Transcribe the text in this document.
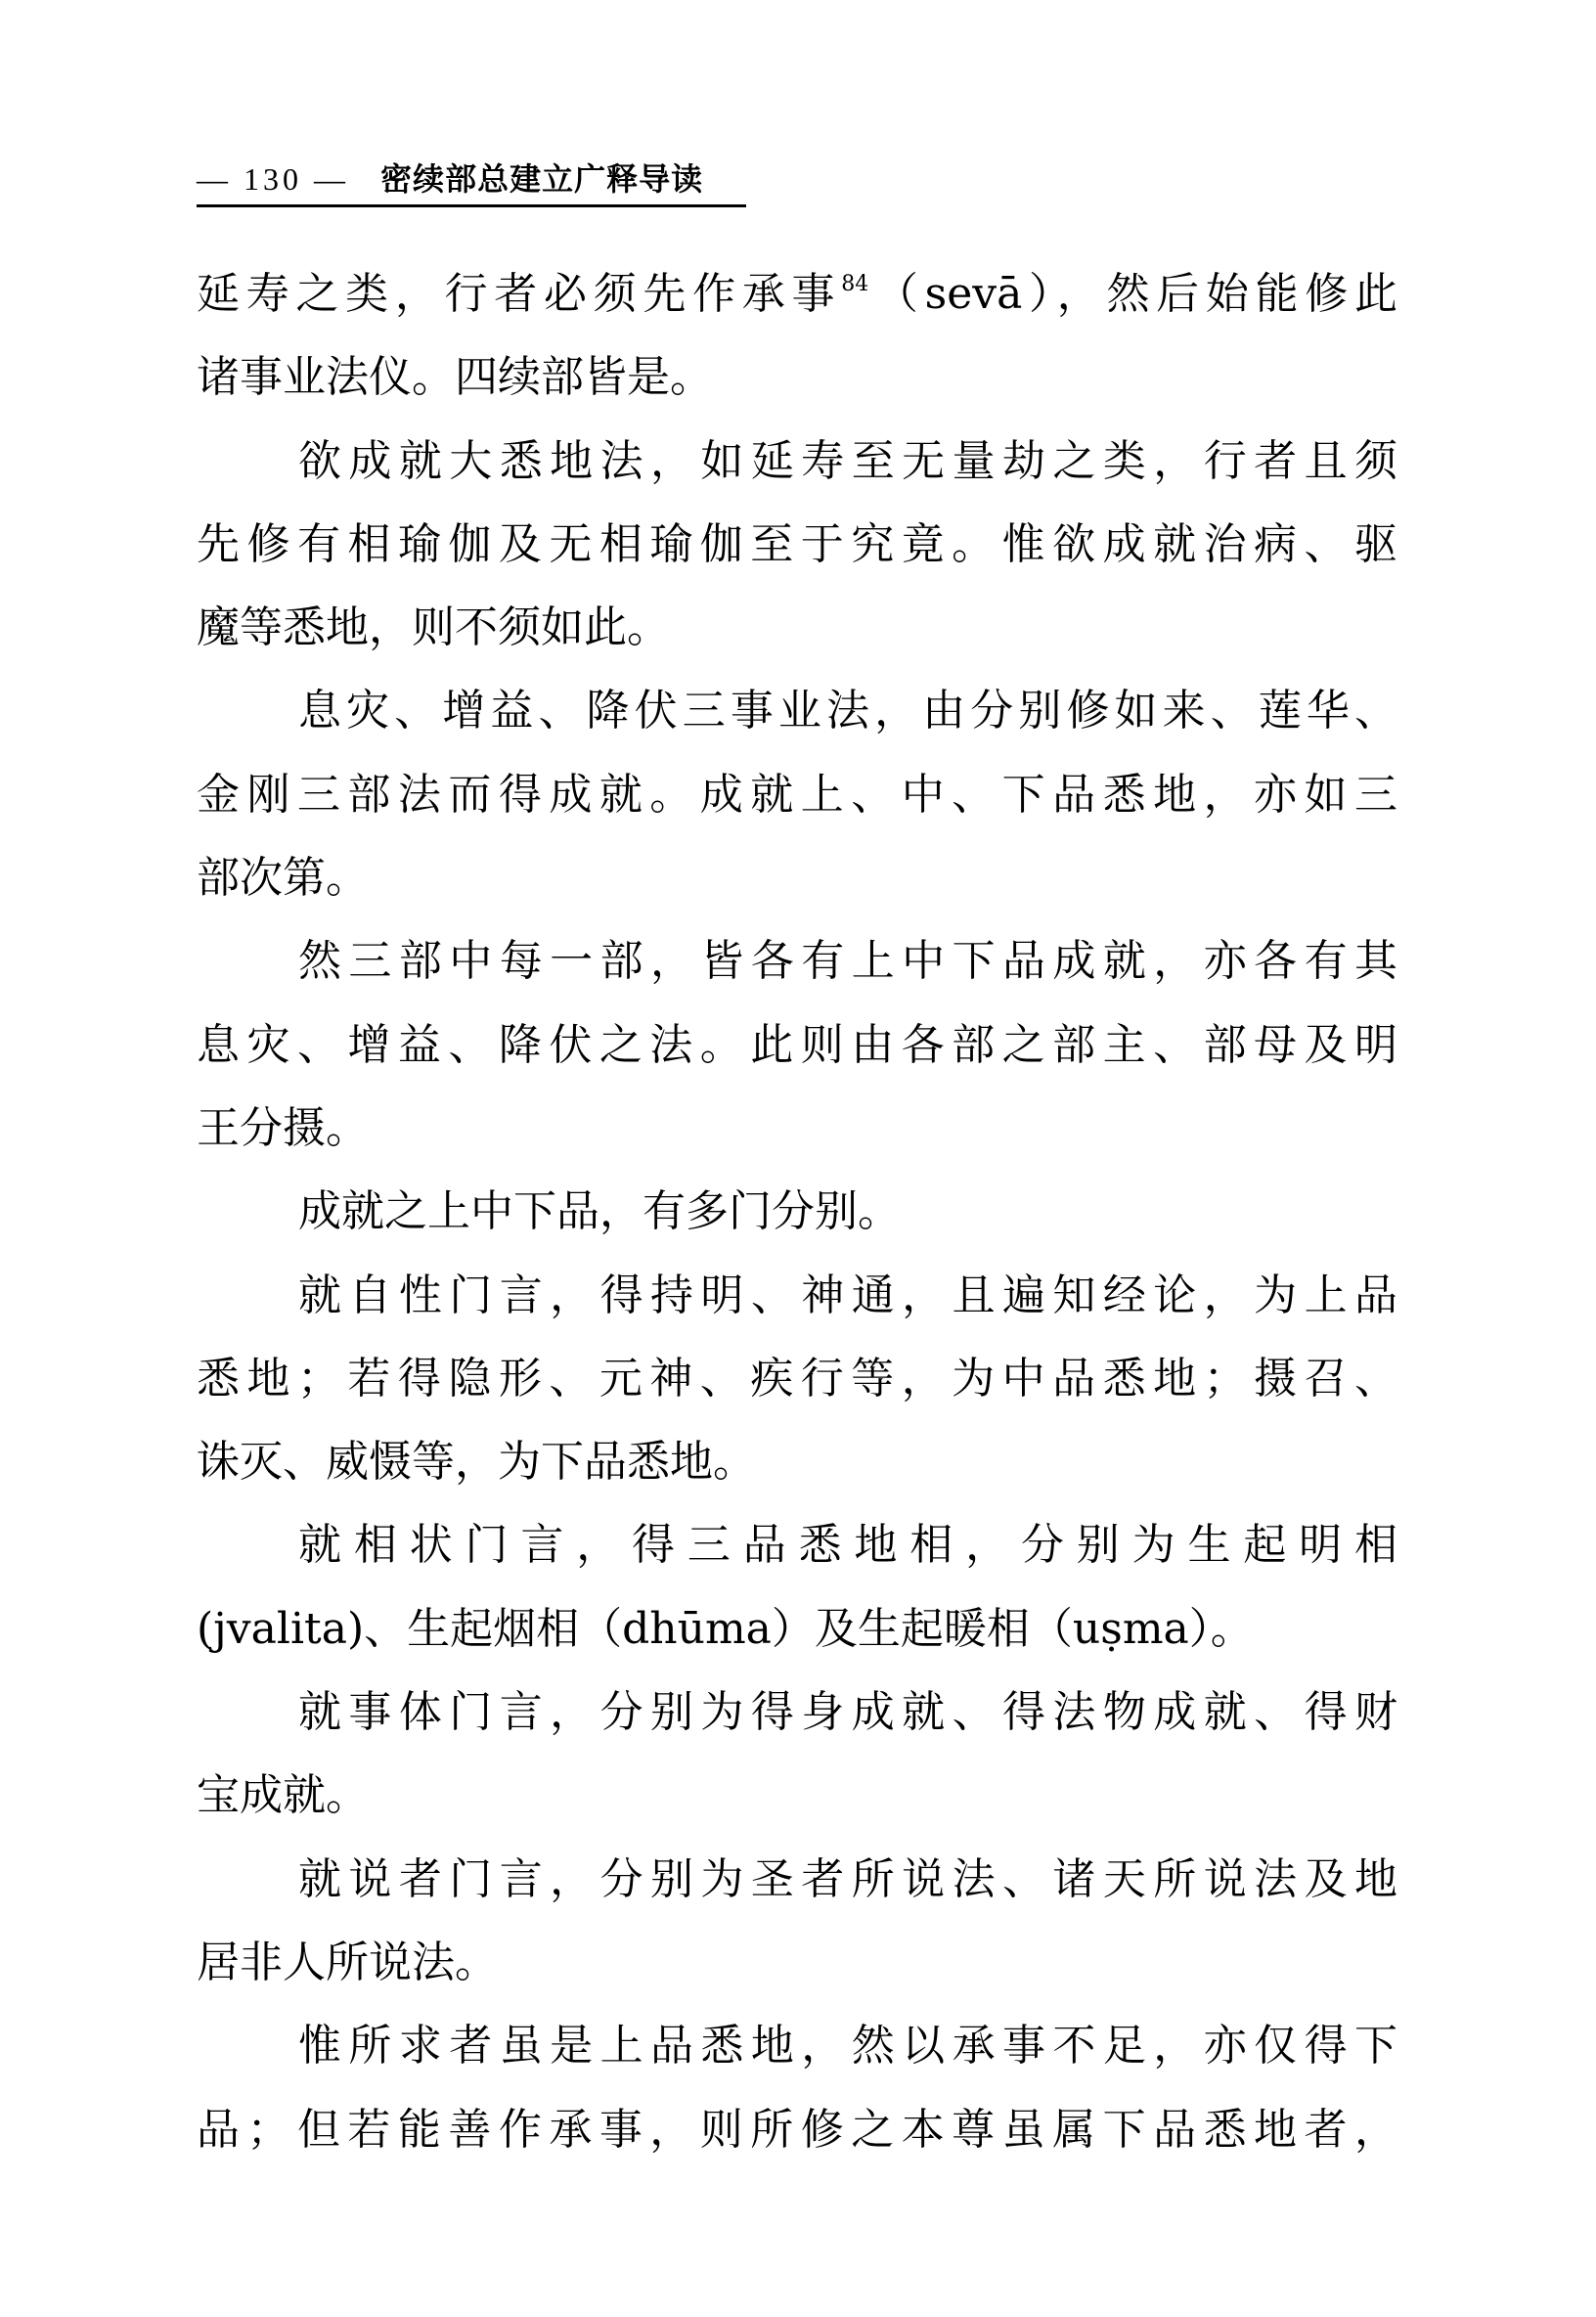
— 130 — 密续部总建立广释导读
延寿之类，行者必须先作承事$^{84}$（sevā），然后始能修此
诸事业法仪。四续部皆是。
欲成就大悉地法，如延寿至无量劫之类，行者且须
先修有相瑜伽及无相瑜伽至于究竟。惟欲成就治病、驱
魔等悉地，则不须如此。
息灾、增益、降伏三事业法，由分别修如来、莲华、
金刚三部法而得成就。成就上、中、下品悉地，亦如三
部次第。
然三部中每一部，皆各有上中下品成就，亦各有其
息灾、增益、降伏之法。此则由各部之部主、部母及明
王分摄。
成就之上中下品，有多门分别。
就自性门言，得持明、神通，且遍知经论，为上品
悉地；若得隐形、元神、疾行等，为中品悉地；摄召、
诛灭、威慑等，为下品悉地。
就相状门言，得三品悉地相，分别为生起明相
(jvalita)、生起烟相（dhūma）及生起暖相（uṣma）。
就事体门言，分别为得身成就、得法物成就、得财
宝成就。
就说者门言，分别为圣者所说法、诸天所说法及地
居非人所说法。
惟所求者虽是上品悉地，然以承事不足，亦仅得下
品；但若能善作承事，则所修之本尊虽属下品悉地者，
